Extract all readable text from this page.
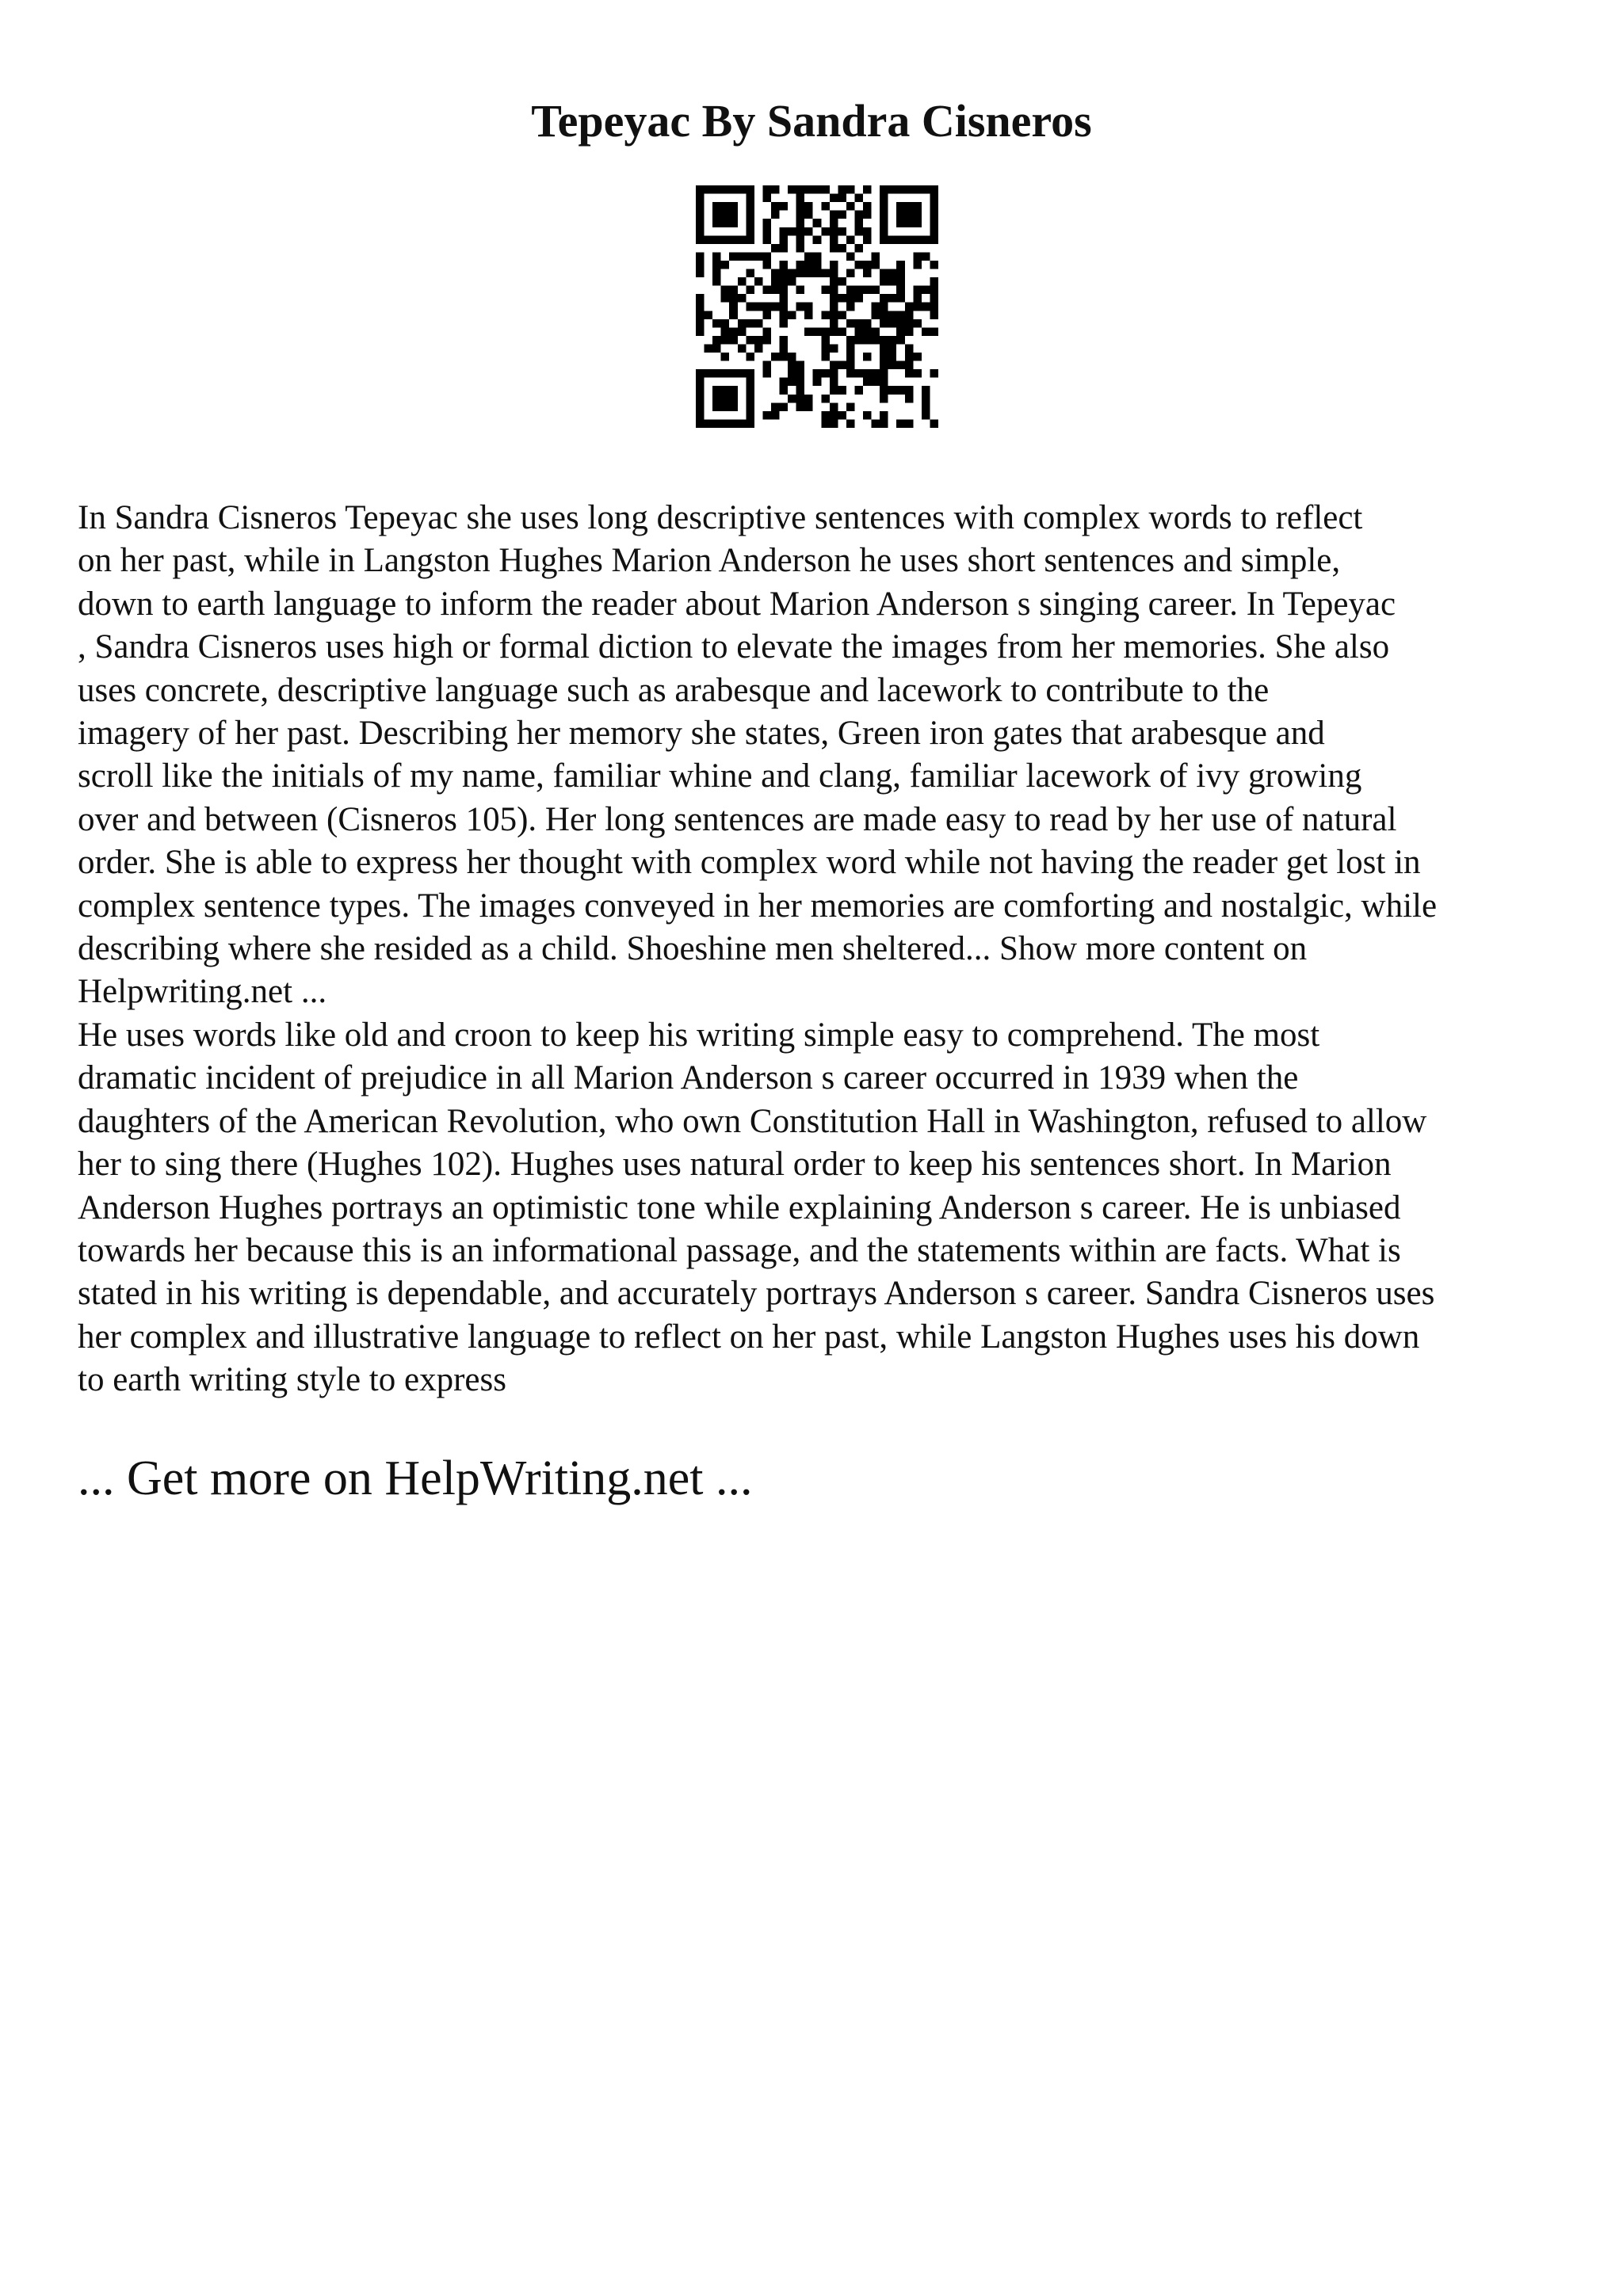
Tepeyac By Sandra Cisneros
In Sandra Cisneros Tepeyac she uses long descriptive sentences with complex words to reflect
on her past, while in Langston Hughes Marion Anderson he uses short sentences and simple,
down to earth language to inform the reader about Marion Anderson s singing career. In Tepeyac
, Sandra Cisneros uses high or formal diction to elevate the images from her memories. She also
uses concrete, descriptive language such as arabesque and lacework to contribute to the
imagery of her past. Describing her memory she states, Green iron gates that arabesque and
scroll like the initials of my name, familiar whine and clang, familiar lacework of ivy growing
over and between (Cisneros 105). Her long sentences are made easy to read by her use of natural
order. She is able to express her thought with complex word while not having the reader get lost in
complex sentence types. The images conveyed in her memories are comforting and nostalgic, while
describing where she resided as a child. Shoeshine men sheltered... Show more content on
Helpwriting.net ...
He uses words like old and croon to keep his writing simple easy to comprehend. The most
dramatic incident of prejudice in all Marion Anderson s career occurred in 1939 when the
daughters of the American Revolution, who own Constitution Hall in Washington, refused to allow
her to sing there (Hughes 102). Hughes uses natural order to keep his sentences short. In Marion
Anderson Hughes portrays an optimistic tone while explaining Anderson s career. He is unbiased
towards her because this is an informational passage, and the statements within are facts. What is
stated in his writing is dependable, and accurately portrays Anderson s career. Sandra Cisneros uses
her complex and illustrative language to reflect on her past, while Langston Hughes uses his down
to earth writing style to express

... Get more on HelpWriting.net ...
